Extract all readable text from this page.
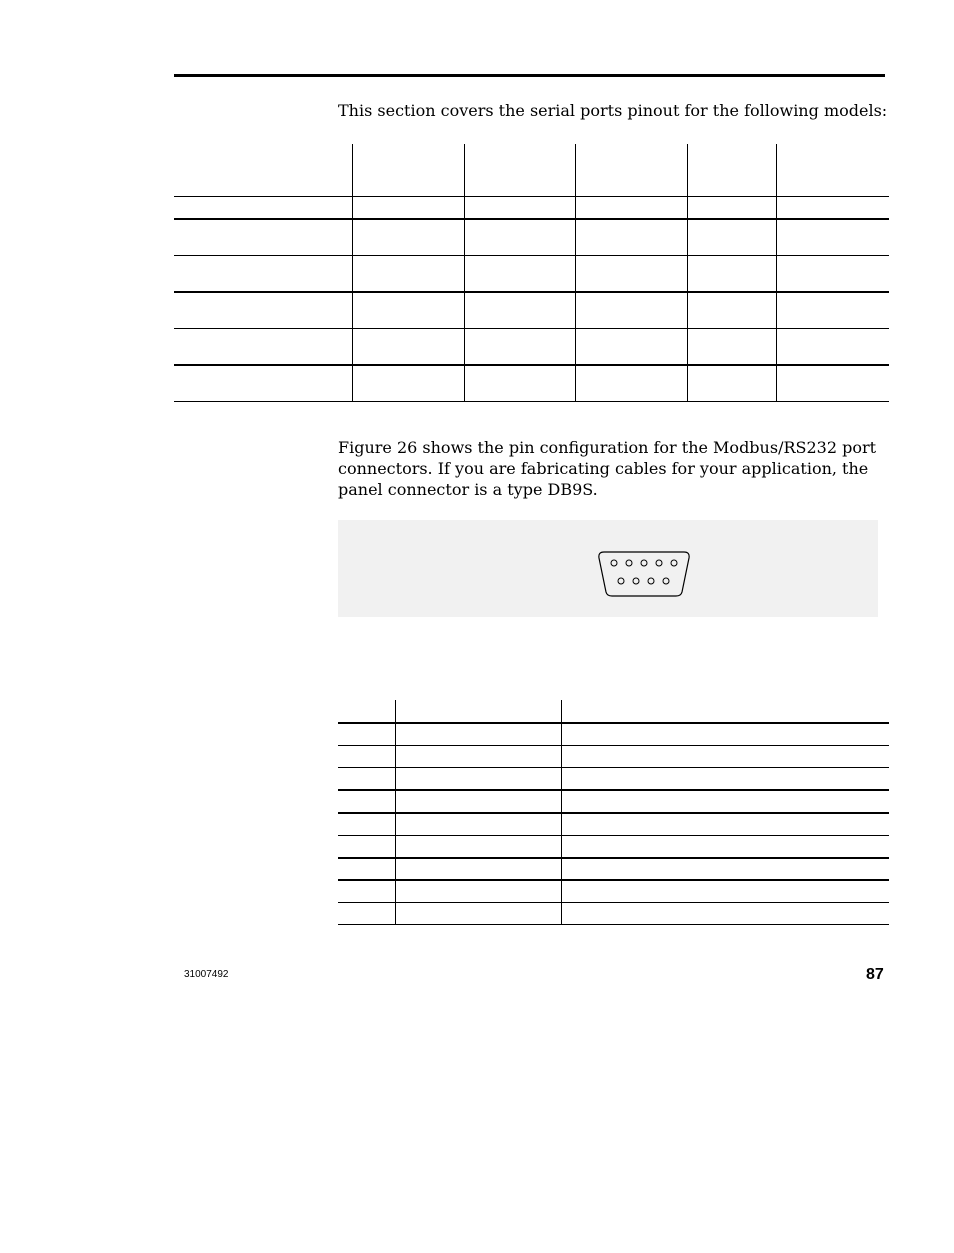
This section covers the serial ports pinout for the following models:

Figure 26 shows the pin configuration for the Modbus/RS232 port connectors. If you are fabricating cables for your application, the panel connector is a type DB9S.

31007492	87
